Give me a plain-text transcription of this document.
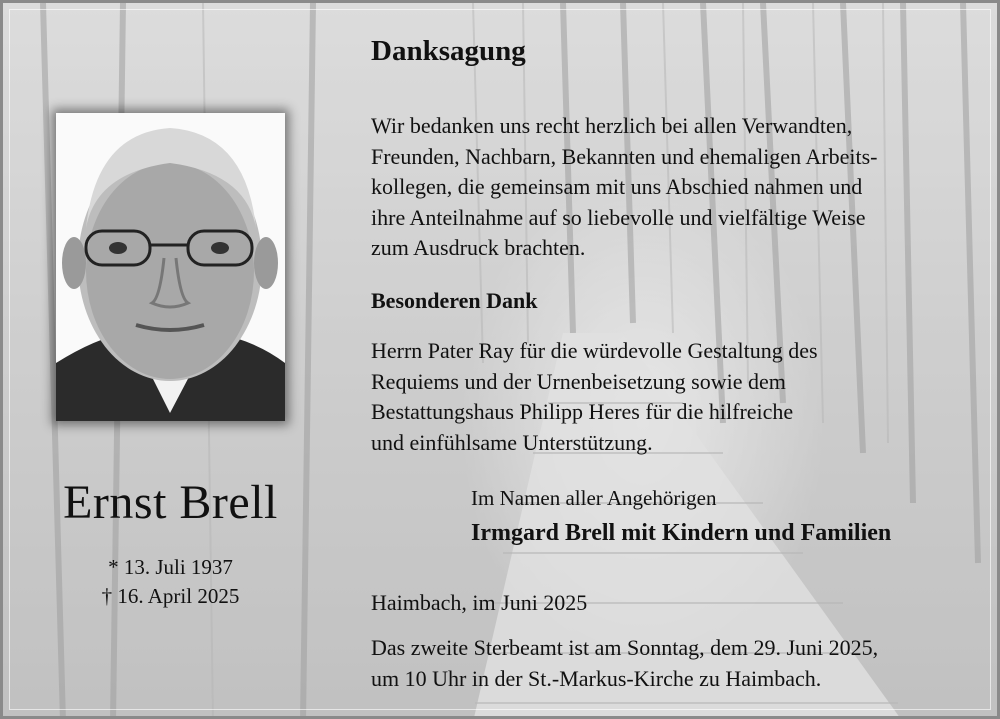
Ernst Brell
* 13. Juli 1937
† 16. April 2025
Danksagung
Wir bedanken uns recht herzlich bei allen Verwandten,
Freunden, Nachbarn, Bekannten und ehemaligen Arbeits-
kollegen, die gemeinsam mit uns Abschied nahmen und
ihre Anteilnahme auf so liebevolle und vielfältige Weise
zum Ausdruck brachten.
Besonderen Dank
Herrn Pater Ray für die würdevolle Gestaltung des
Requiems und der Urnenbeisetzung sowie dem
Bestattungshaus Philipp Heres für die hilfreiche
und einfühlsame Unterstützung.
Im Namen aller Angehörigen
Irmgard Brell mit Kindern und Familien
Haimbach, im Juni 2025
Das zweite Sterbeamt ist am Sonntag, dem 29. Juni 2025,
um 10 Uhr in der St.-Markus-Kirche zu Haimbach.
